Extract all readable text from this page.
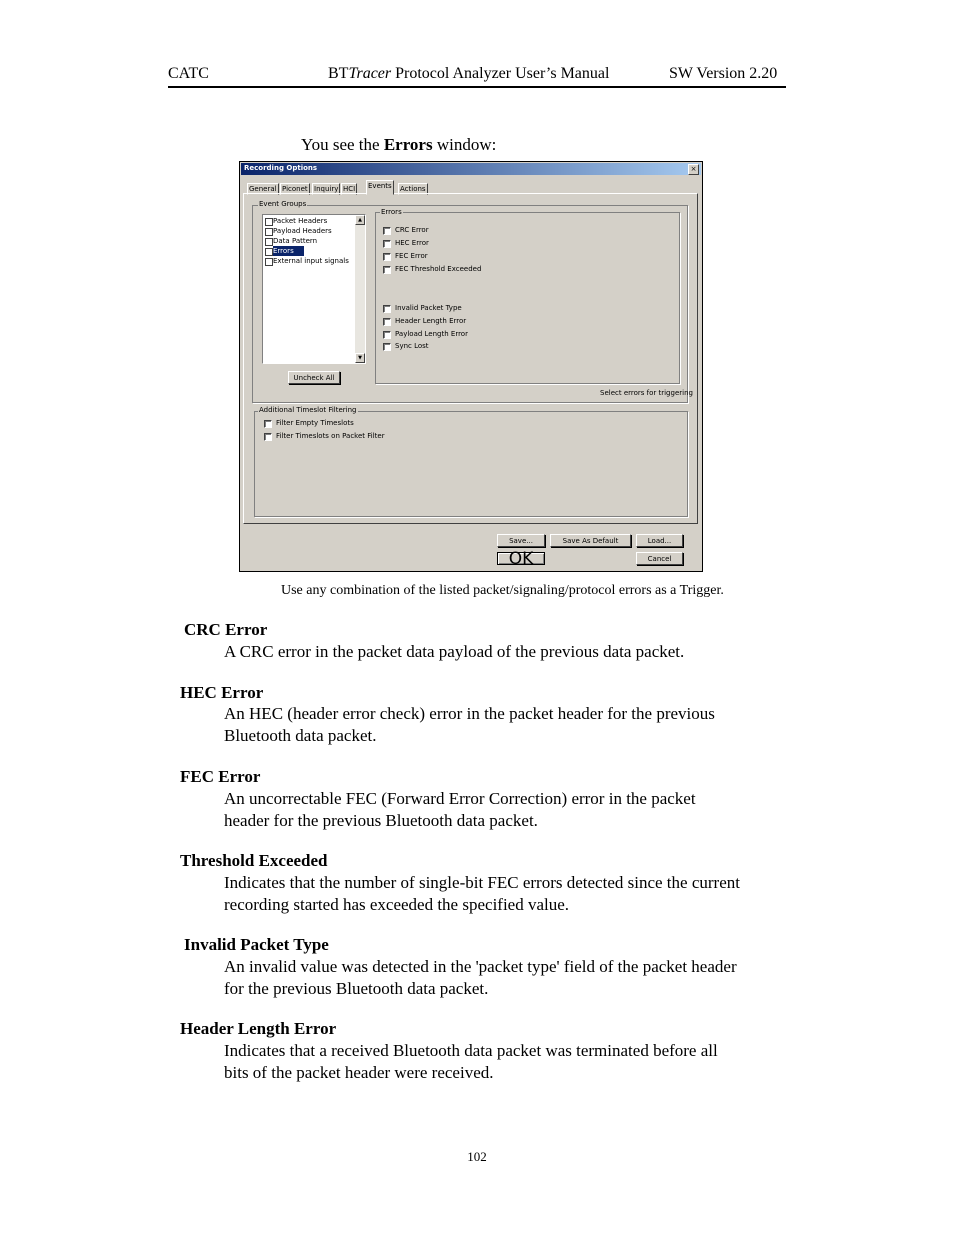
CATC	BTTracer Protocol Analyzer User’s Manual	SW Version 2.20
You see the Errors window:
Recording Options	×
General Piconet Inquiry HCI Events Actions
Event Groups
Packet Headers
Payload Headers
Data Pattern
Errors
External input signals
▲
▼
Errors
CRC Error
HEC Error
FEC Error
FEC Threshold Exceeded
Invalid Packet Type
Header Length Error
Payload Length Error
Sync Lost
Uncheck All
Select errors for triggering
Additional Timeslot Filtering
Filter Empty Timeslots
Filter Timeslots on Packet Filter
Save...	Save As Default	Load...
OK	Cancel
Use any combination of the listed packet/signaling/protocol errors as a Trigger.
CRC Error
A CRC error in the packet data payload of the previous data packet.
HEC Error
An HEC (header error check) error in the packet header for the previous
Bluetooth data packet.
FEC Error
An uncorrectable FEC (Forward Error Correction) error in the packet
header for the previous Bluetooth data packet.
Threshold Exceeded
Indicates that the number of single-bit FEC errors detected since the current
recording started has exceeded the specified value.
Invalid Packet Type
An invalid value was detected in the 'packet type' field of the packet header
for the previous Bluetooth data packet.
Header Length Error
Indicates that a received Bluetooth data packet was terminated before all
bits of the packet header were received.
102
